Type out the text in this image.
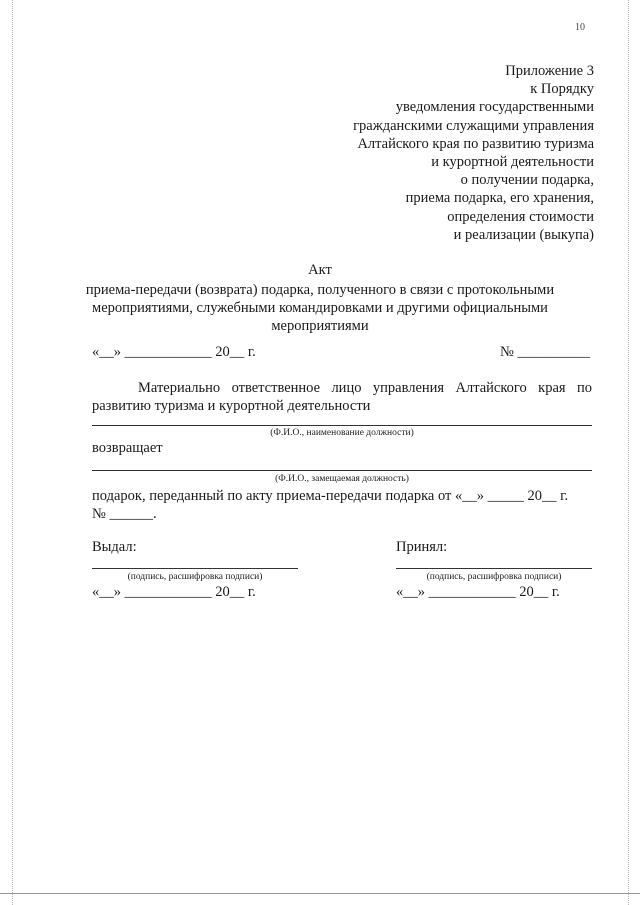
10
Приложение 3
к Порядку
уведомления государственными
гражданскими служащими управления
Алтайского края по развитию туризма
и курортной деятельности
о получении подарка,
приема подарка, его хранения,
определения стоимости
и реализации (выкупа)
Акт
приема-передачи (возврата) подарка, полученного в связи с протокольными
мероприятиями, служебными командировками и другими официальными
мероприятиями
«__» ____________ 20__ г.	№ __________
Материально ответственное лицо управления Алтайского края по
развитию туризма и курортной деятельности
(Ф.И.О., наименование должности)
возвращает
(Ф.И.О., замещаемая должность)
подарок, переданный по акту приема-передачи подарка от «__» _____ 20__ г.
№ ______.
Выдал:	Принял:
(подпись, расшифровка подписи)	(подпись, расшифровка подписи)
«__» ____________ 20__ г.	«__» ____________ 20__ г.
